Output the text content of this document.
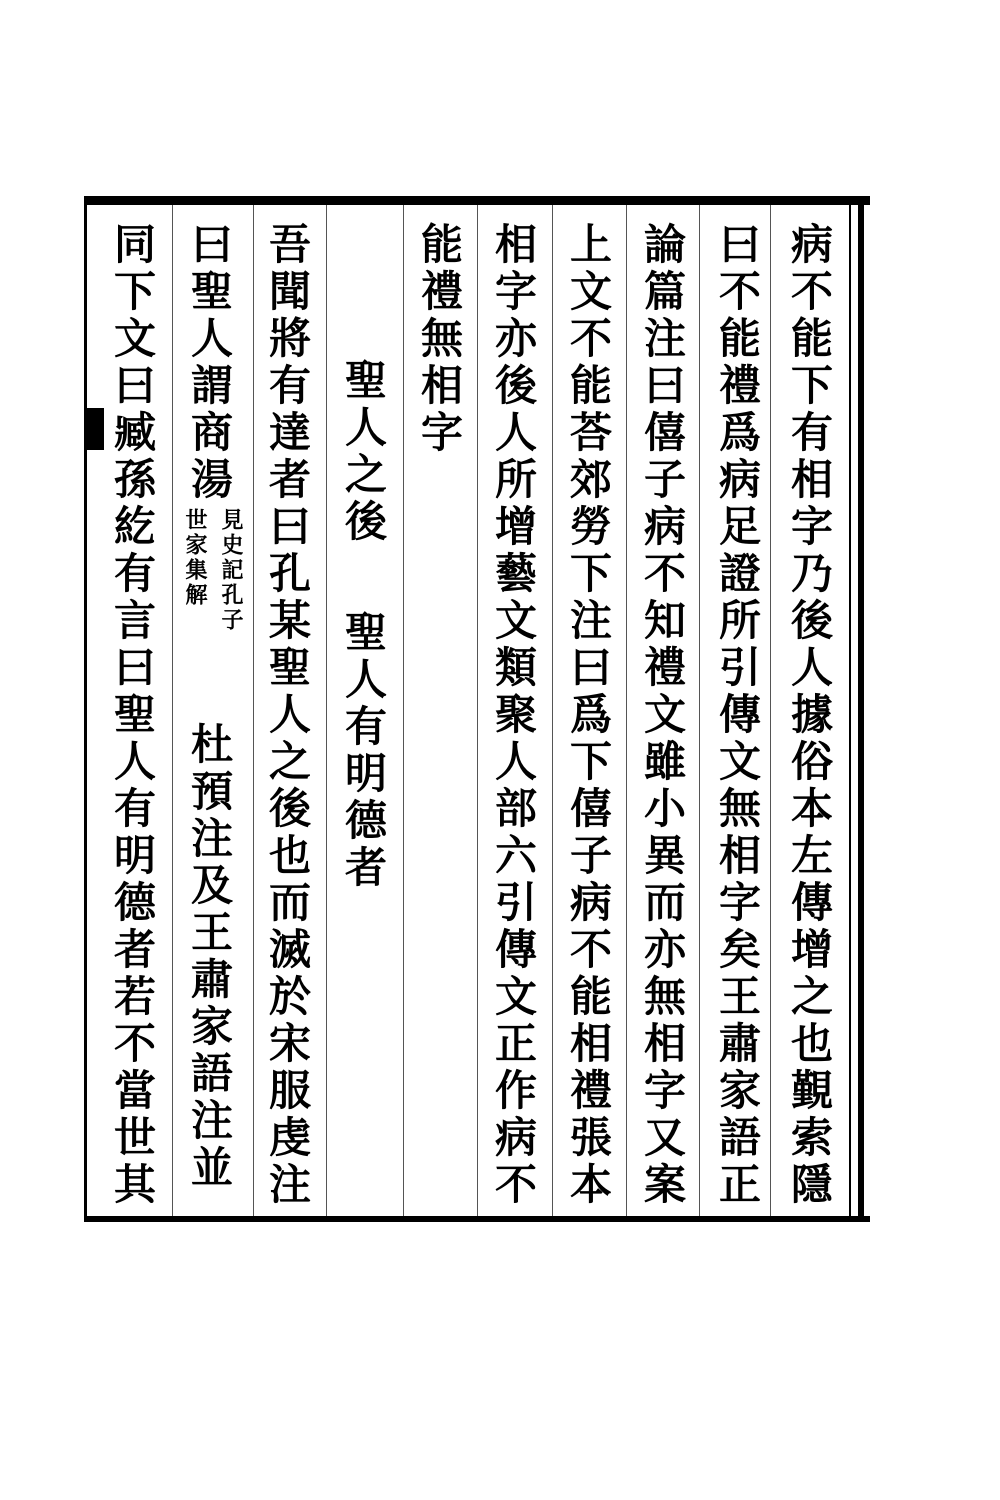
病不能下有相字乃後人據俗本左傳增之也覲索隱
曰不能禮爲病足證所引傳文無相字矣王肅家語正
論篇注曰僖子病不知禮文雖小異而亦無相字又案
上文不能荅郊勞下注曰爲下僖子病不能相禮張本
相字亦後人所增藝文類聚人部六引傳文正作病不
能禮無相字
聖人之後
聖人有明德者
吾聞將有達者曰孔某聖人之後也而滅於宋服虔注
曰聖人謂商湯
見史記孔子
世家集解
杜預注及王肅家語注並
同下文曰臧孫紇有言曰聖人有明德者若不當世其
